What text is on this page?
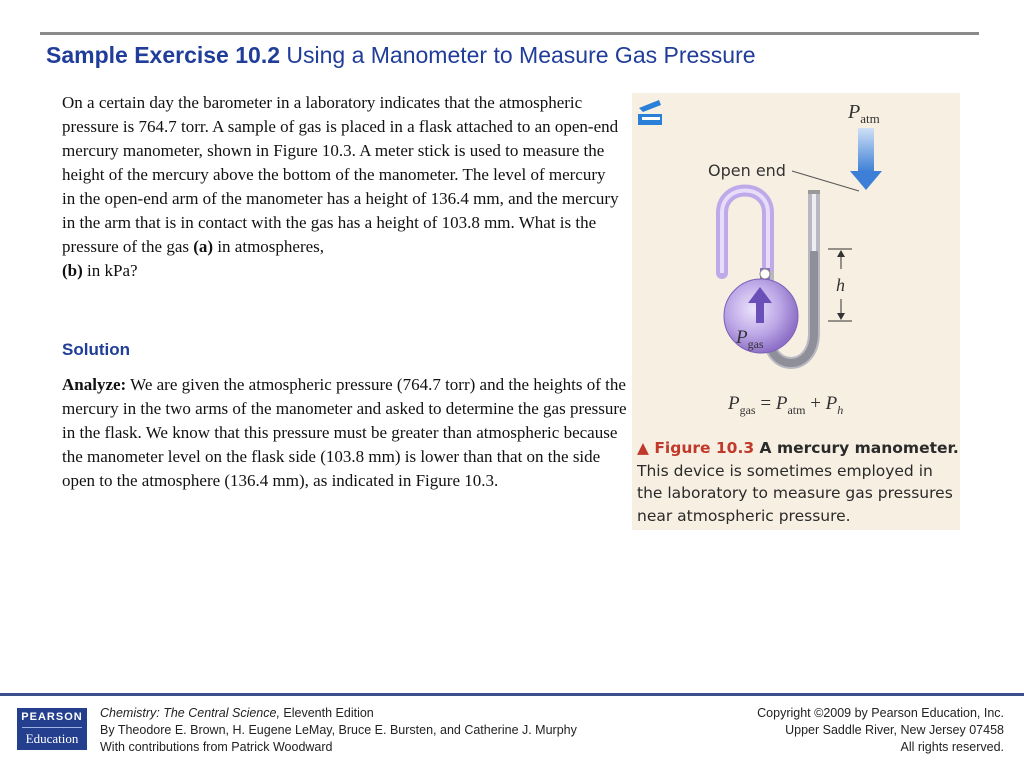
Sample Exercise 10.2 Using a Manometer to Measure Gas Pressure
On a certain day the barometer in a laboratory indicates that the atmospheric pressure is 764.7 torr. A sample of gas is placed in a flask attached to an open-end mercury manometer, shown in Figure 10.3. A meter stick is used to measure the height of the mercury above the bottom of the manometer. The level of mercury in the open-end arm of the manometer has a height of 136.4 mm, and the mercury in the arm that is in contact with the gas has a height of 103.8 mm. What is the pressure of the gas (a) in atmospheres,
(b) in kPa?
Solution
Analyze: We are given the atmospheric pressure (764.7 torr) and the heights of the mercury in the two arms of the manometer and asked to determine the gas pressure in the flask. We know that this pressure must be greater than atmospheric because the manometer level on the flask side (103.8 mm) is lower than that on the side open to the atmosphere (136.4 mm), as indicated in Figure 10.3.
$P_{atm}$
Open end
$P_{gas}$
h
$P_{gas} = P_{atm} + P_h$
▲ Figure 10.3 A mercury manometer. This device is sometimes employed in the laboratory to measure gas pressures near atmospheric pressure.
PEARSON
Education
Chemistry: The Central Science, Eleventh Edition
By Theodore E. Brown, H. Eugene LeMay, Bruce E. Bursten, and Catherine J. Murphy
With contributions from Patrick Woodward
Copyright ©2009 by Pearson Education, Inc.
Upper Saddle River, New Jersey 07458
All rights reserved.
